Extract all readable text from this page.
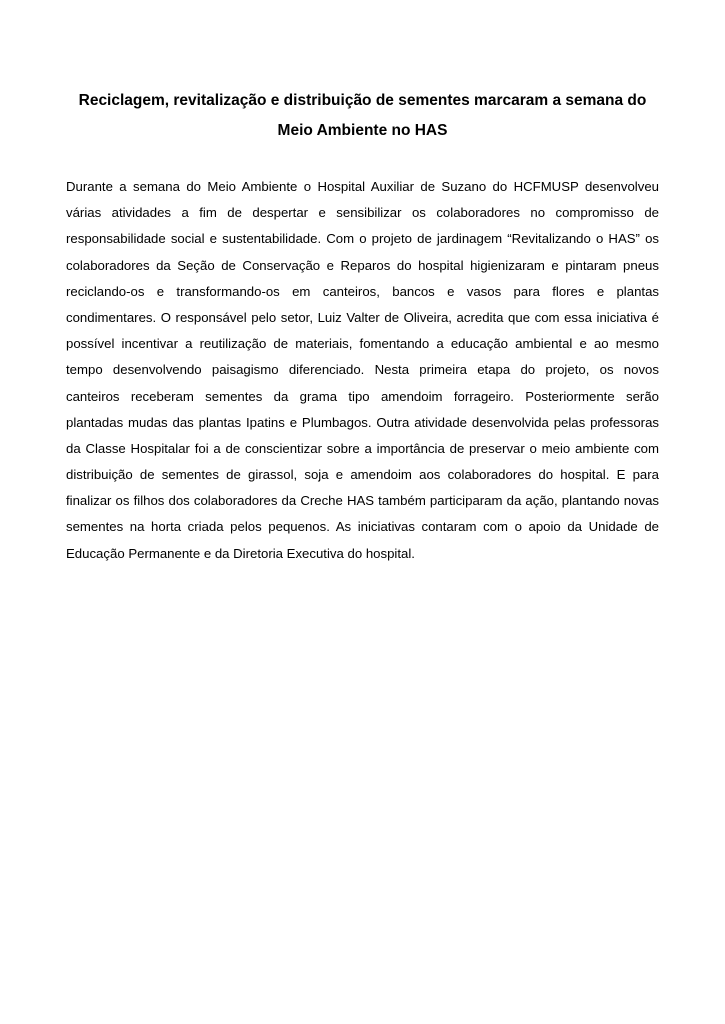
Reciclagem, revitalização e distribuição de sementes marcaram a semana do
Meio Ambiente no HAS
Durante a semana do Meio Ambiente o Hospital Auxiliar de Suzano do HCFMUSP desenvolveu
várias atividades a fim de despertar e sensibilizar os colaboradores no compromisso de
responsabilidade social e sustentabilidade. Com o projeto de jardinagem “Revitalizando o HAS” os
colaboradores da Seção de Conservação e Reparos do hospital higienizaram e pintaram pneus
reciclando-os e transformando-os em canteiros, bancos e vasos para flores e plantas
condimentares. O responsável pelo setor, Luiz Valter de Oliveira, acredita que com essa iniciativa é
possível incentivar a reutilização de materiais, fomentando a educação ambiental e ao mesmo
tempo desenvolvendo paisagismo diferenciado. Nesta primeira etapa do projeto, os novos
canteiros receberam sementes da grama tipo amendoim forrageiro. Posteriormente serão
plantadas mudas das plantas Ipatins e Plumbagos. Outra atividade desenvolvida pelas professoras
da Classe Hospitalar foi a de conscientizar sobre a importância de preservar o meio ambiente com
distribuição de sementes de girassol, soja e amendoim aos colaboradores do hospital. E para
finalizar os filhos dos colaboradores da Creche HAS também participaram da ação, plantando novas
sementes na horta criada pelos pequenos. As iniciativas contaram com o apoio da Unidade de
Educação Permanente e da Diretoria Executiva do hospital.
